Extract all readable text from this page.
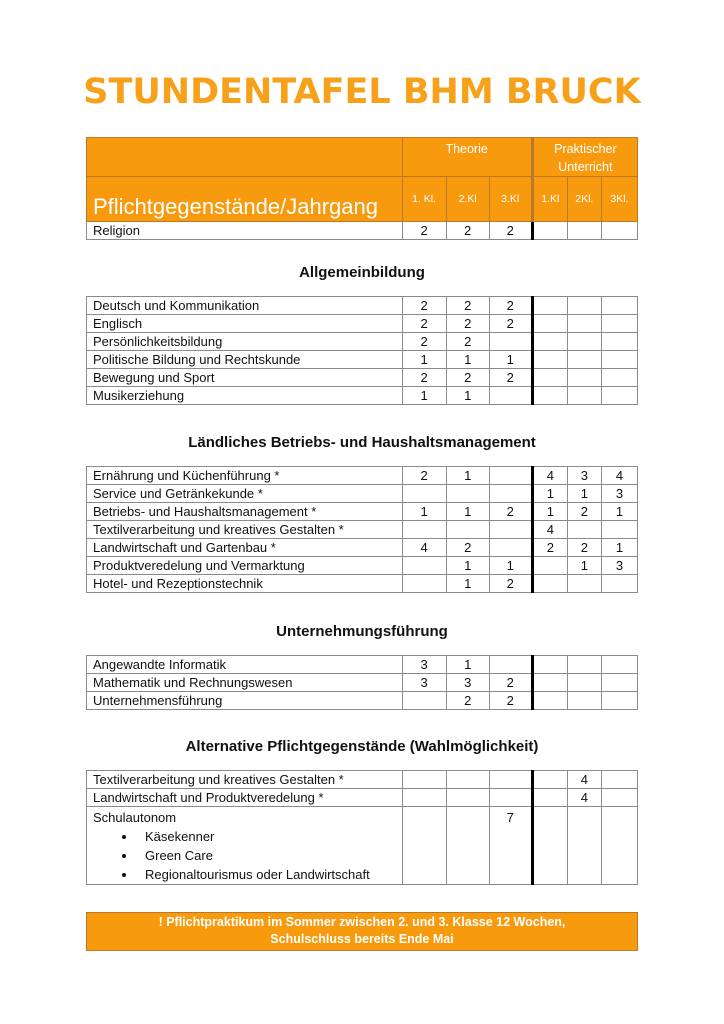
STUNDENTAFEL BHM BRUCK
	Theorie			Praktischer
Unterricht		

Pflichtgegenstände/Jahrgang	1. Kl.	2.Kl	3.Kl	1.Kl	2Kl.	3Kl.
Religion	2	2	2			
Allgemeinbildung
Deutsch und Kommunikation	2	2	2			
Englisch	2	2	2			
Persönlichkeitsbildung	2	2				
Politische Bildung und Rechtskunde	1	1	1			
Bewegung und Sport	2	2	2			
Musikerziehung	1	1				
Ländliches Betriebs- und Haushaltsmanagement
Ernährung und Küchenführung *	2	1		4	3	4
Service und Getränkekunde *				1	1	3
Betriebs- und Haushaltsmanagement *	1	1	2	1	2	1
Textilverarbeitung und kreatives Gestalten *				4		
Landwirtschaft und Gartenbau *	4	2		2	2	1
Produktveredelung und Vermarktung		1	1		1	3
Hotel- und Rezeptionstechnik		1	2			
Unternehmungsführung
Angewandte Informatik	3	1				
Mathematik und Rechnungswesen	3	3	2			
Unternehmensführung		2	2			
Alternative Pflichtgegenstände (Wahlmöglichkeit)
Textilverarbeitung und kreatives Gestalten *					4	
Landwirtschaft und Produktveredelung *					4	

Schulautonom
• Käsekenner
• Green Care
• Regionaltourismus oder Landwirtschaft
			7			
! Pflichtpraktikum im Sommer zwischen 2. und 3. Klasse 12 Wochen,
Schulschluss bereits Ende Mai
